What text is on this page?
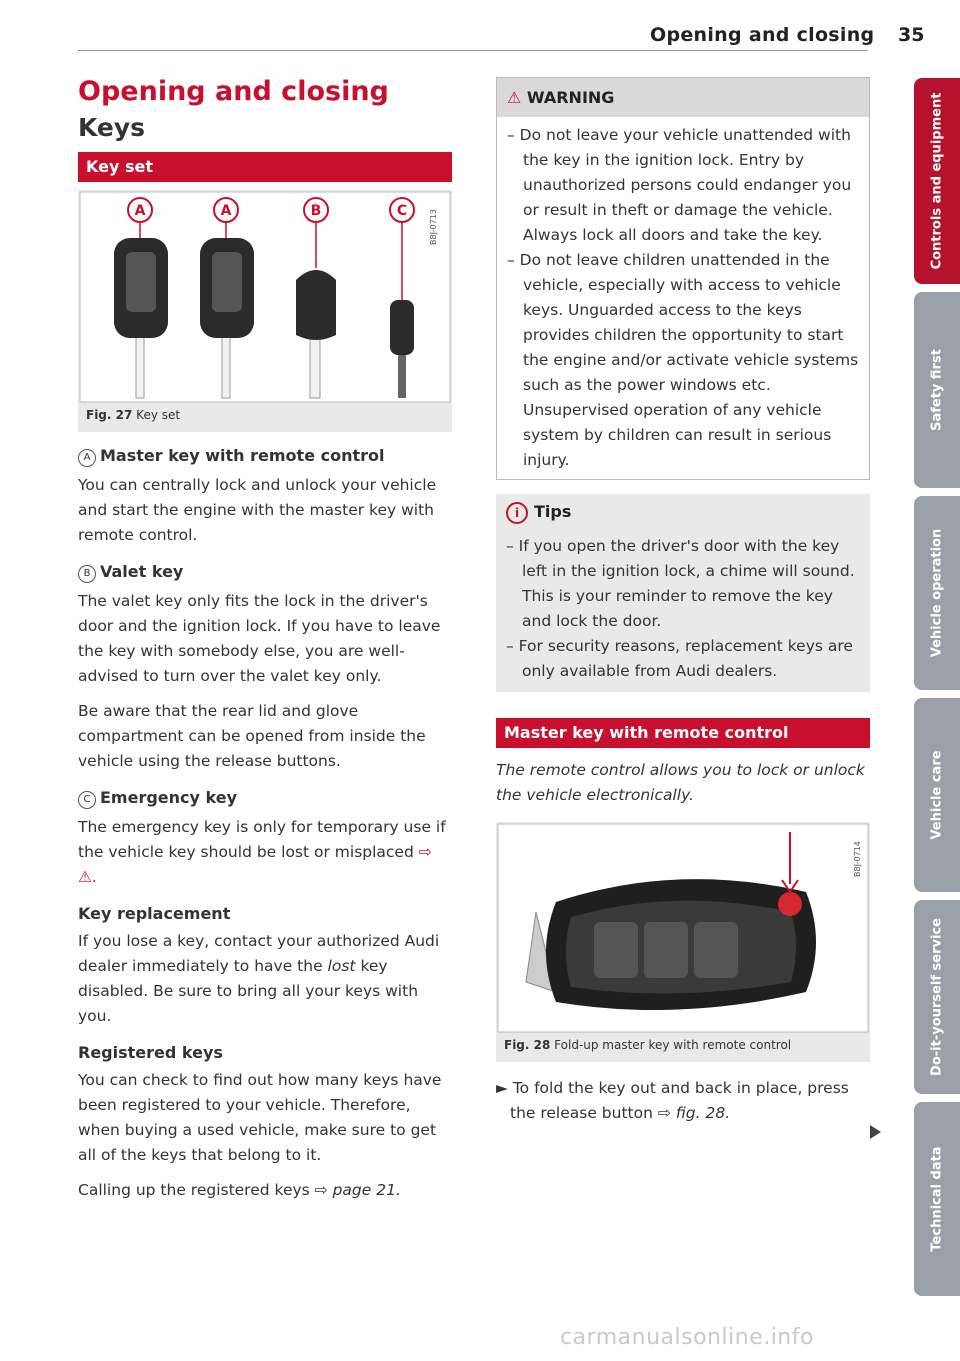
Opening and closing 35
Opening and closing
Keys
Key set
A	A	B	C	B8J-0713
Fig. 27 Key set
A Master key with remote control

You can centrally lock and unlock your vehicle and start the engine with the master key with remote control.

B Valet key

The valet key only fits the lock in the driver's door and the ignition lock. If you have to leave the key with somebody else, you are well-advised to turn over the valet key only.

Be aware that the rear lid and glove compartment can be opened from inside the vehicle using the release buttons.

C Emergency key

The emergency key is only for temporary use if the vehicle key should be lost or misplaced ⇨ ⚠.

Key replacement

If you lose a key, contact your authorized Audi dealer immediately to have the lost key disabled. Be sure to bring all your keys with you.

Registered keys

You can check to find out how many keys have been registered to your vehicle. Therefore, when buying a used vehicle, make sure to get all of the keys that belong to it.

Calling up the registered keys ⇨ page 21.

⚠ WARNING

– Do not leave your vehicle unattended with the key in the ignition lock. Entry by unauthorized persons could endanger you or result in theft or damage the vehicle. Always lock all doors and take the key.

– Do not leave children unattended in the vehicle, especially with access to vehicle keys. Unguarded access to the keys provides children the opportunity to start the engine and/or activate vehicle systems such as the power windows etc. Unsupervised operation of any vehicle system by children can result in serious injury.

i Tips

– If you open the driver's door with the key left in the ignition lock, a chime will sound. This is your reminder to remove the key and lock the door.

– For security reasons, replacement keys are only available from Audi dealers.

Master key with remote control

The remote control allows you to lock or unlock the vehicle electronically.

B8J-0714
Fig. 28 Fold-up master key with remote control

► To fold the key out and back in place, press the release button ⇨ fig. 28.

Controls and equipment
Safety first
Vehicle operation
Vehicle care
Do-it-yourself service
Technical data
carmanualsonline.info
